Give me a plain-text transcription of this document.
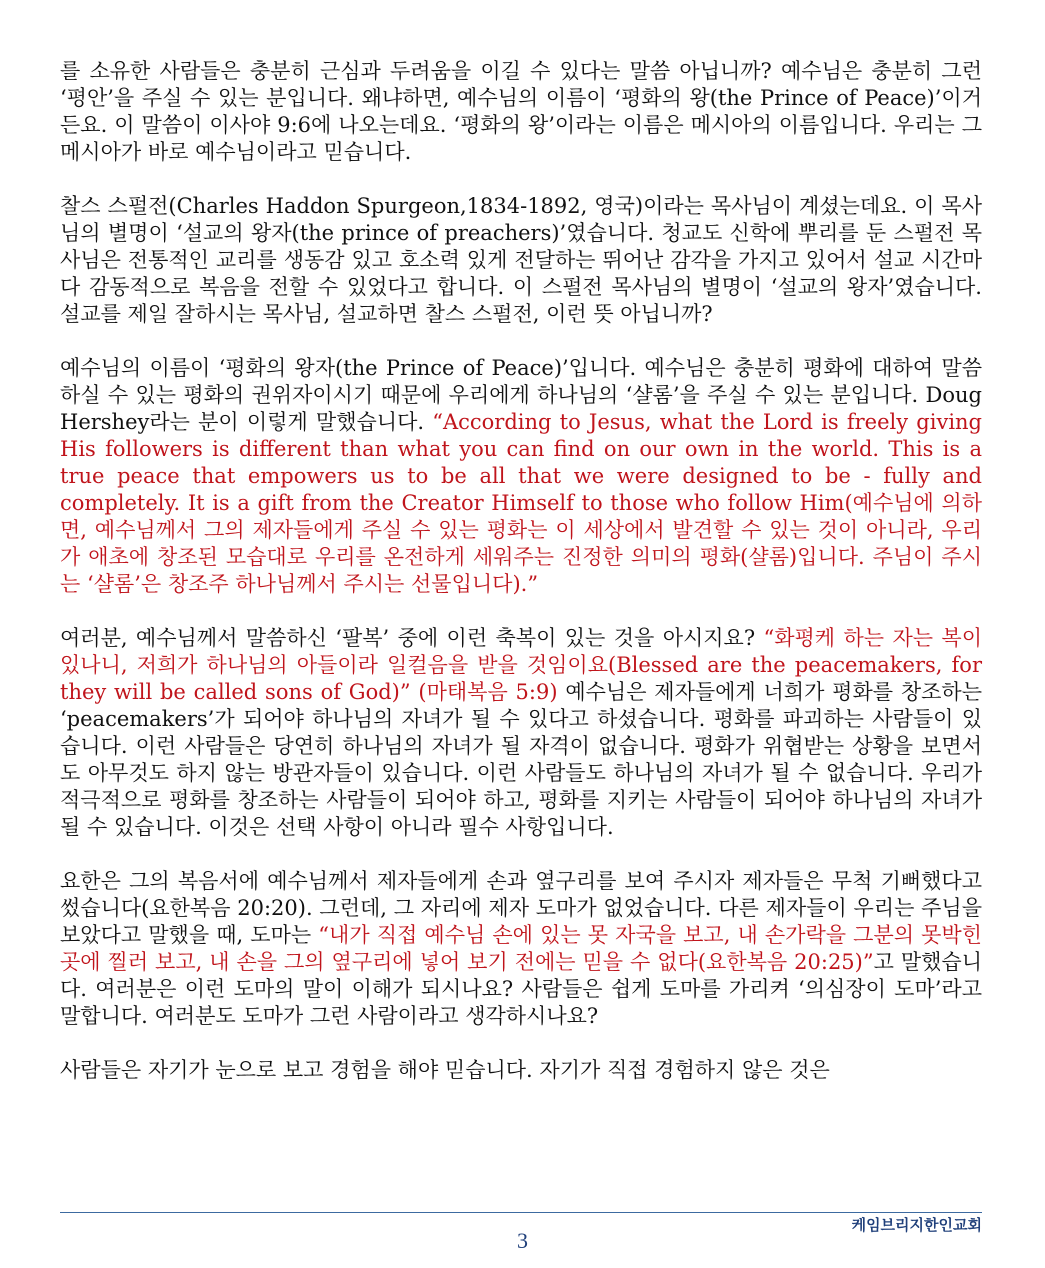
를 소유한 사람들은 충분히 근심과 두려움을 이길 수 있다는 말씀 아닙니까? 예수님은 충분히 그런 ‘평안’을 주실 수 있는 분입니다. 왜냐하면, 예수님의 이름이 ‘평화의 왕(the Prince of Peace)’이거든요. 이 말씀이 이사야 9:6에 나오는데요. ‘평화의 왕’이라는 이름은 메시아의 이름입니다. 우리는 그 메시아가 바로 예수님이라고 믿습니다.

찰스 스펄전(Charles Haddon Spurgeon,1834-1892, 영국)이라는 목사님이 계셨는데요. 이 목사님의 별명이 ‘설교의 왕자(the prince of preachers)’였습니다. 청교도 신학에 뿌리를 둔 스펄전 목사님은 전통적인 교리를 생동감 있고 호소력 있게 전달하는 뛰어난 감각을 가지고 있어서 설교 시간마다 감동적으로 복음을 전할 수 있었다고 합니다. 이 스펄전 목사님의 별명이 ‘설교의 왕자’였습니다. 설교를 제일 잘하시는 목사님, 설교하면 찰스 스펄전, 이런 뜻 아닙니까?

예수님의 이름이 ‘평화의 왕자(the Prince of Peace)’입니다. 예수님은 충분히 평화에 대하여 말씀하실 수 있는 평화의 권위자이시기 때문에 우리에게 하나님의 ‘샬롬’을 주실 수 있는 분입니다. Doug Hershey라는 분이 이렇게 말했습니다. “According to Jesus, what the Lord is freely giving His followers is different than what you can find on our own in the world. This is a true peace that empowers us to be all that we were designed to be - fully and completely. It is a gift from the Creator Himself to those who follow Him(예수님에 의하면, 예수님께서 그의 제자들에게 주실 수 있는 평화는 이 세상에서 발견할 수 있는 것이 아니라, 우리가 애초에 창조된 모습대로 우리를 온전하게 세워주는 진정한 의미의 평화(샬롬)입니다. 주님이 주시는 ‘샬롬’은 창조주 하나님께서 주시는 선물입니다).”

여러분, 예수님께서 말씀하신 ‘팔복’ 중에 이런 축복이 있는 것을 아시지요? “화평케 하는 자는 복이 있나니, 저희가 하나님의 아들이라 일컬음을 받을 것임이요(Blessed are the peacemakers, for they will be called sons of God)” (마태복음 5:9) 예수님은 제자들에게 너희가 평화를 창조하는 ‘peacemakers’가 되어야 하나님의 자녀가 될 수 있다고 하셨습니다. 평화를 파괴하는 사람들이 있습니다. 이런 사람들은 당연히 하나님의 자녀가 될 자격이 없습니다. 평화가 위협받는 상황을 보면서도 아무것도 하지 않는 방관자들이 있습니다. 이런 사람들도 하나님의 자녀가 될 수 없습니다. 우리가 적극적으로 평화를 창조하는 사람들이 되어야 하고, 평화를 지키는 사람들이 되어야 하나님의 자녀가 될 수 있습니다. 이것은 선택 사항이 아니라 필수 사항입니다.

요한은 그의 복음서에 예수님께서 제자들에게 손과 옆구리를 보여 주시자 제자들은 무척 기뻐했다고 썼습니다(요한복음 20:20). 그런데, 그 자리에 제자 도마가 없었습니다. 다른 제자들이 우리는 주님을 보았다고 말했을 때, 도마는 “내가 직접 예수님 손에 있는 못 자국을 보고, 내 손가락을 그분의 못박힌 곳에 찔러 보고, 내 손을 그의 옆구리에 넣어 보기 전에는 믿을 수 없다(요한복음 20:25)”고 말했습니다. 여러분은 이런 도마의 말이 이해가 되시나요? 사람들은 쉽게 도마를 가리켜 ‘의심장이 도마’라고 말합니다. 여러분도 도마가 그런 사람이라고 생각하시나요?

사람들은 자기가 눈으로 보고 경험을 해야 믿습니다. 자기가 직접 경험하지 않은 것은

케임브리지한인교회
3
